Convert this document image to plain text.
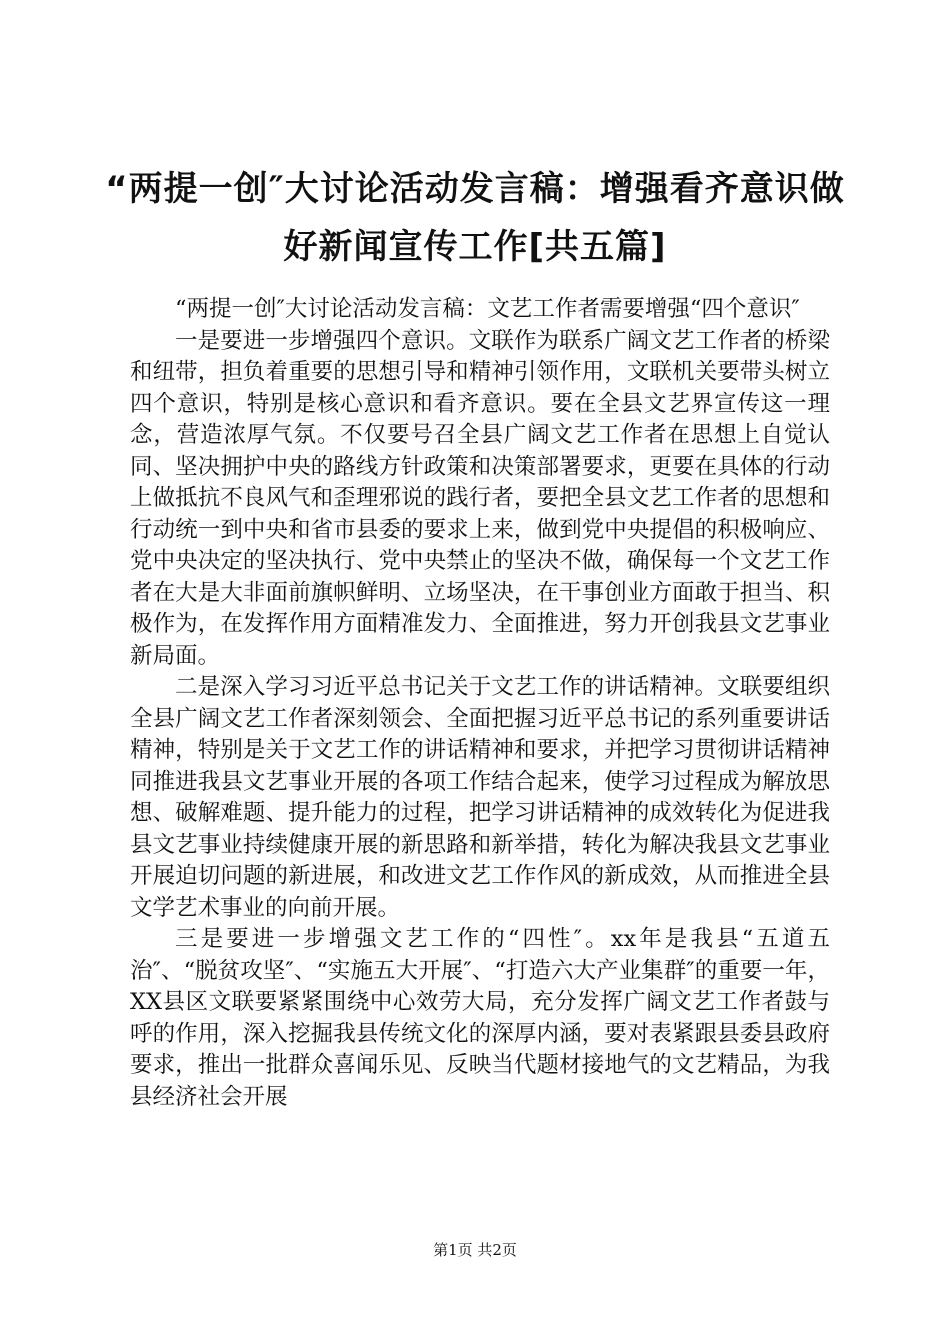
“两提一创″大讨论活动发言稿：增强看齐意识做好新闻宣传工作[共五篇]

“两提一创″大讨论活动发言稿：文艺工作者需要增强“四个意识″

一是要进一步增强四个意识。文联作为联系广阔文艺工作者的桥梁和纽带，担负着重要的思想引导和精神引领作用，文联机关要带头树立四个意识，特别是核心意识和看齐意识。要在全县文艺界宣传这一理念，营造浓厚气氛。不仅要号召全县广阔文艺工作者在思想上自觉认同、坚决拥护中央的路线方针政策和决策部署要求，更要在具体的行动上做抵抗不良风气和歪理邪说的践行者，要把全县文艺工作者的思想和行动统一到中央和省市县委的要求上来，做到党中央提倡的积极响应、党中央决定的坚决执行、党中央禁止的坚决不做，确保每一个文艺工作者在大是大非面前旗帜鲜明、立场坚决，在干事创业方面敢于担当、积极作为，在发挥作用方面精准发力、全面推进，努力开创我县文艺事业新局面。

二是深入学习习近平总书记关于文艺工作的讲话精神。文联要组织全县广阔文艺工作者深刻领会、全面把握习近平总书记的系列重要讲话精神，特别是关于文艺工作的讲话精神和要求，并把学习贯彻讲话精神同推进我县文艺事业开展的各项工作结合起来，使学习过程成为解放思想、破解难题、提升能力的过程，把学习讲话精神的成效转化为促进我县文艺事业持续健康开展的新思路和新举措，转化为解决我县文艺事业开展迫切问题的新进展，和改进文艺工作作风的新成效，从而推进全县文学艺术事业的向前开展。

三是要进一步增强文艺工作的“四性″。xx年是我县“五道五治″、“脱贫攻坚″、“实施五大开展″、“打造六大产业集群″的重要一年，XX县区文联要紧紧围绕中心效劳大局，充分发挥广阔文艺工作者鼓与呼的作用，深入挖掘我县传统文化的深厚内涵，要对表紧跟县委县政府要求，推出一批群众喜闻乐见、反映当代题材接地气的文艺精品，为我县经济社会开展

第1页 共2页
